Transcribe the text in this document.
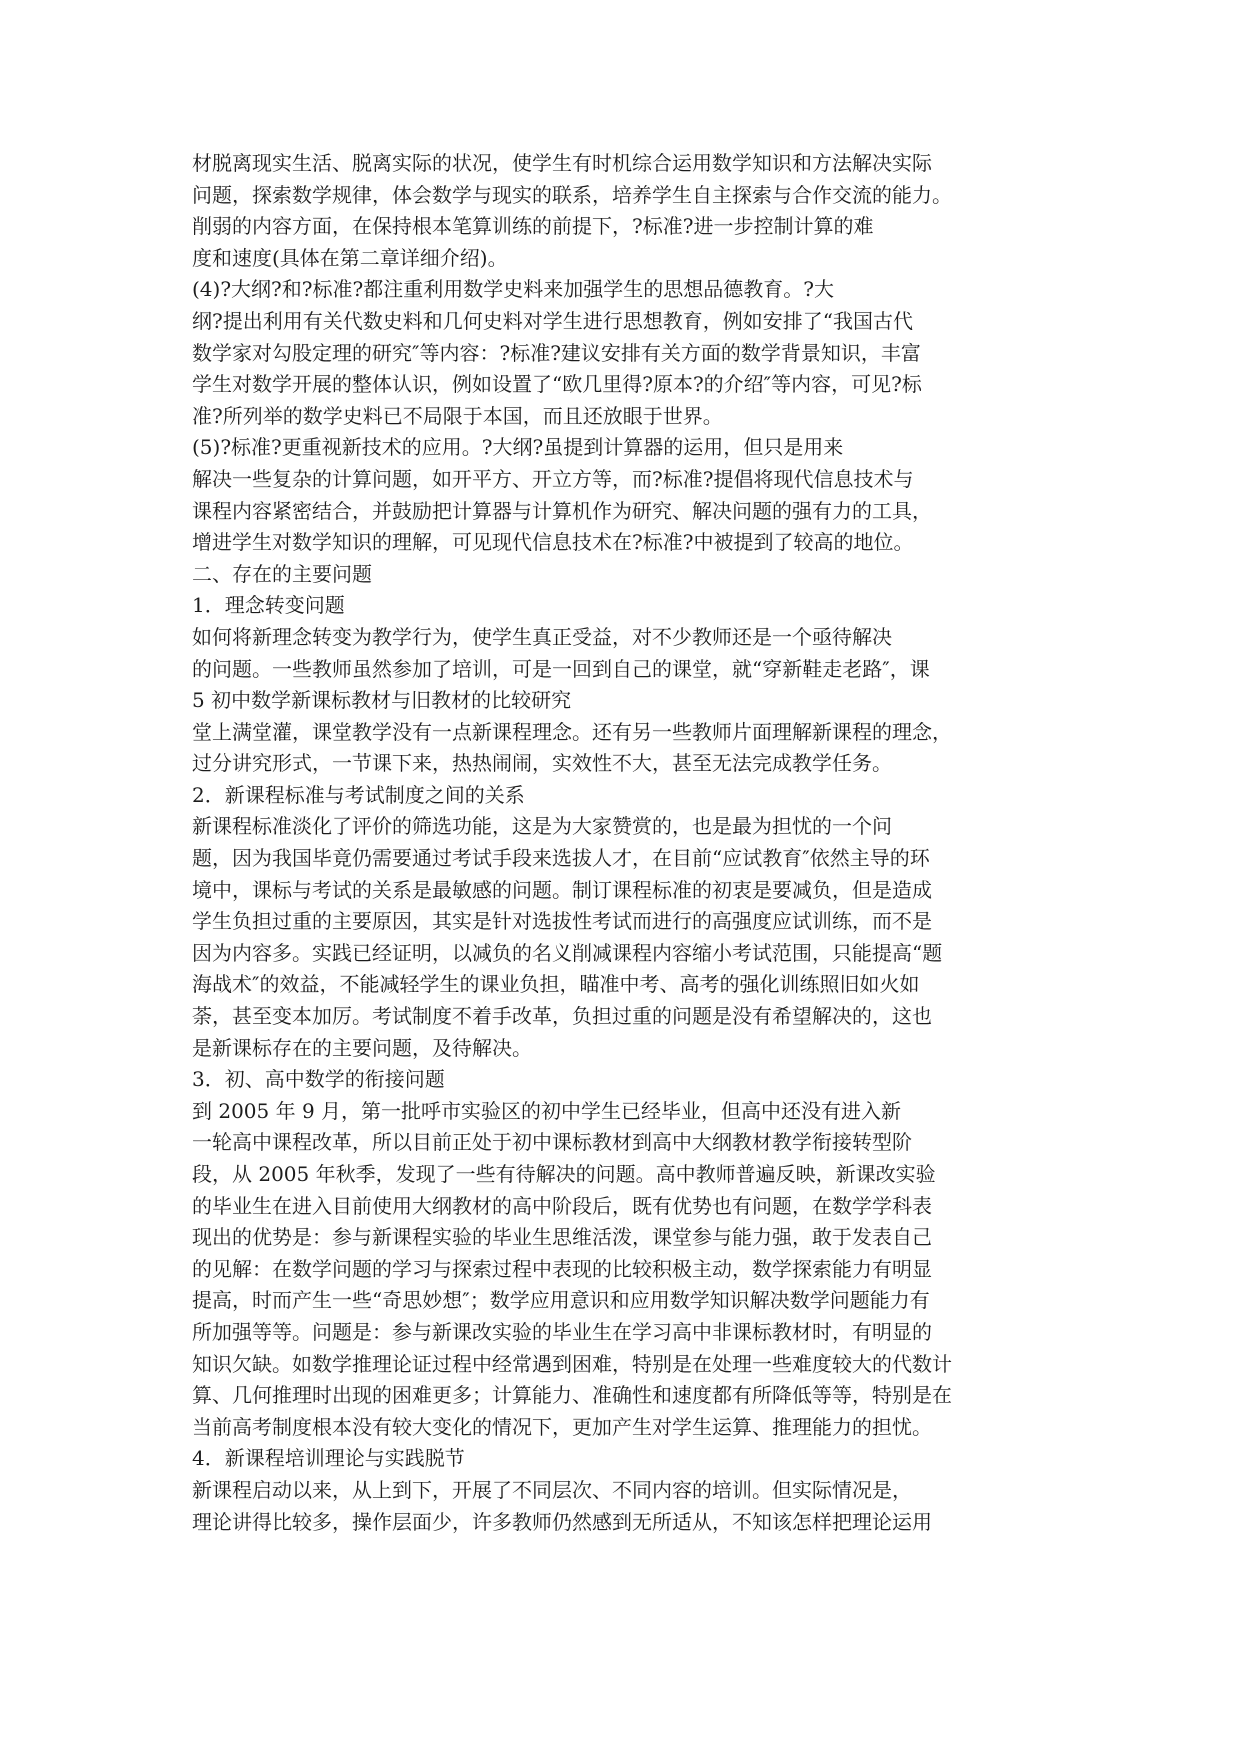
材脱离现实生活、脱离实际的状况，使学生有时机综合运用数学知识和方法解决实际
问题，探索数学规律，体会数学与现实的联系，培养学生自主探索与合作交流的能力。
削弱的内容方面，在保持根本笔算训练的前提下，?标准?进一步控制计算的难
度和速度(具体在第二章详细介绍)。
(4)?大纲?和?标准?都注重利用数学史料来加强学生的思想品德教育。?大
纲?提出利用有关代数史料和几何史料对学生进行思想教育，例如安排了“我国古代
数学家对勾股定理的研究″等内容：?标准?建议安排有关方面的数学背景知识，丰富
学生对数学开展的整体认识，例如设置了“欧几里得?原本?的介绍″等内容，可见?标
准?所列举的数学史料已不局限于本国，而且还放眼于世界。
(5)?标准?更重视新技术的应用。?大纲?虽提到计算器的运用，但只是用来
解决一些复杂的计算问题，如开平方、开立方等，而?标准?提倡将现代信息技术与
课程内容紧密结合，并鼓励把计算器与计算机作为研究、解决问题的强有力的工具，
增进学生对数学知识的理解，可见现代信息技术在?标准?中被提到了较高的地位。
二、存在的主要问题
1．理念转变问题
如何将新理念转变为教学行为，使学生真正受益，对不少教师还是一个亟待解决
的问题。一些教师虽然参加了培训，可是一回到自己的课堂，就“穿新鞋走老路″，课
5 初中数学新课标教材与旧教材的比较研究
堂上满堂灌，课堂教学没有一点新课程理念。还有另一些教师片面理解新课程的理念，
过分讲究形式，一节课下来，热热闹闹，实效性不大，甚至无法完成教学任务。
2．新课程标准与考试制度之间的关系
新课程标准淡化了评价的筛选功能，这是为大家赞赏的，也是最为担忧的一个问
题，因为我国毕竟仍需要通过考试手段来选拔人才，在目前“应试教育″依然主导的环
境中，课标与考试的关系是最敏感的问题。制订课程标准的初衷是要减负，但是造成
学生负担过重的主要原因，其实是针对选拔性考试而进行的高强度应试训练，而不是
因为内容多。实践已经证明，以减负的名义削减课程内容缩小考试范围，只能提高“题
海战术″的效益，不能减轻学生的课业负担，瞄准中考、高考的强化训练照旧如火如
荼，甚至变本加厉。考试制度不着手改革，负担过重的问题是没有希望解决的，这也
是新课标存在的主要问题，及待解决。
3．初、高中数学的衔接问题
到 2005 年 9 月，第一批呼市实验区的初中学生已经毕业，但高中还没有进入新
一轮高中课程改革，所以目前正处于初中课标教材到高中大纲教材教学衔接转型阶
段，从 2005 年秋季，发现了一些有待解决的问题。高中教师普遍反映，新课改实验
的毕业生在进入目前使用大纲教材的高中阶段后，既有优势也有问题，在数学学科表
现出的优势是：参与新课程实验的毕业生思维活泼，课堂参与能力强，敢于发表自己
的见解：在数学问题的学习与探索过程中表现的比较积极主动，数学探索能力有明显
提高，时而产生一些“奇思妙想″；数学应用意识和应用数学知识解决数学问题能力有
所加强等等。问题是：参与新课改实验的毕业生在学习高中非课标教材时，有明显的
知识欠缺。如数学推理论证过程中经常遇到困难，特别是在处理一些难度较大的代数计
算、几何推理时出现的困难更多；计算能力、准确性和速度都有所降低等等，特别是在
当前高考制度根本没有较大变化的情况下，更加产生对学生运算、推理能力的担忧。
4．新课程培训理论与实践脱节
新课程启动以来，从上到下，开展了不同层次、不同内容的培训。但实际情况是，
理论讲得比较多，操作层面少，许多教师仍然感到无所适从，不知该怎样把理论运用
